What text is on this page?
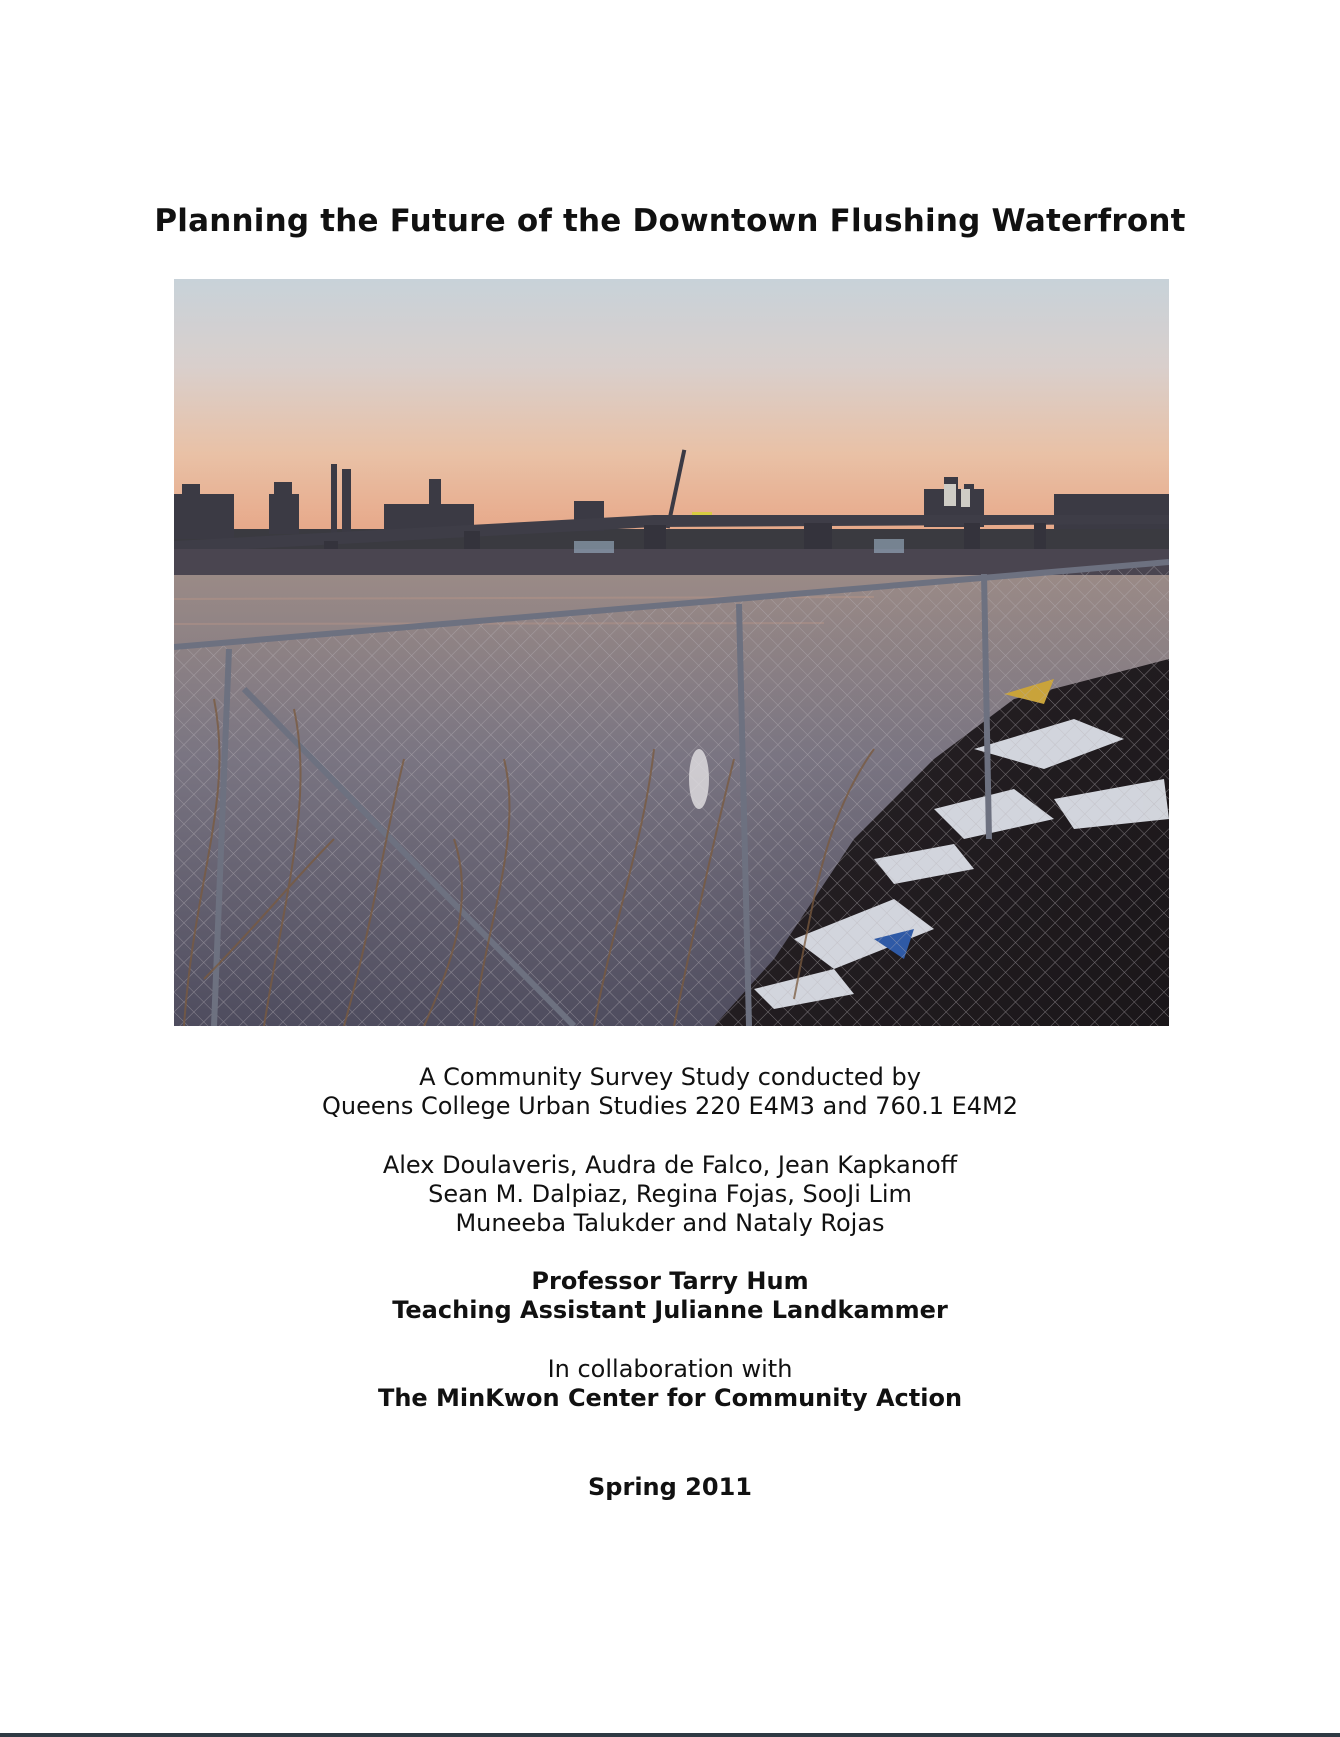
Planning the Future of the Downtown Flushing Waterfront
A Community Survey Study conducted by
Queens College Urban Studies 220 E4M3 and 760.1 E4M2
Alex Doulaveris, Audra de Falco, Jean Kapkanoff
Sean M. Dalpiaz, Regina Fojas, SooJi Lim
Muneeba Talukder and Nataly Rojas
Professor Tarry Hum
Teaching Assistant Julianne Landkammer
In collaboration with
The MinKwon Center for Community Action
Spring 2011
